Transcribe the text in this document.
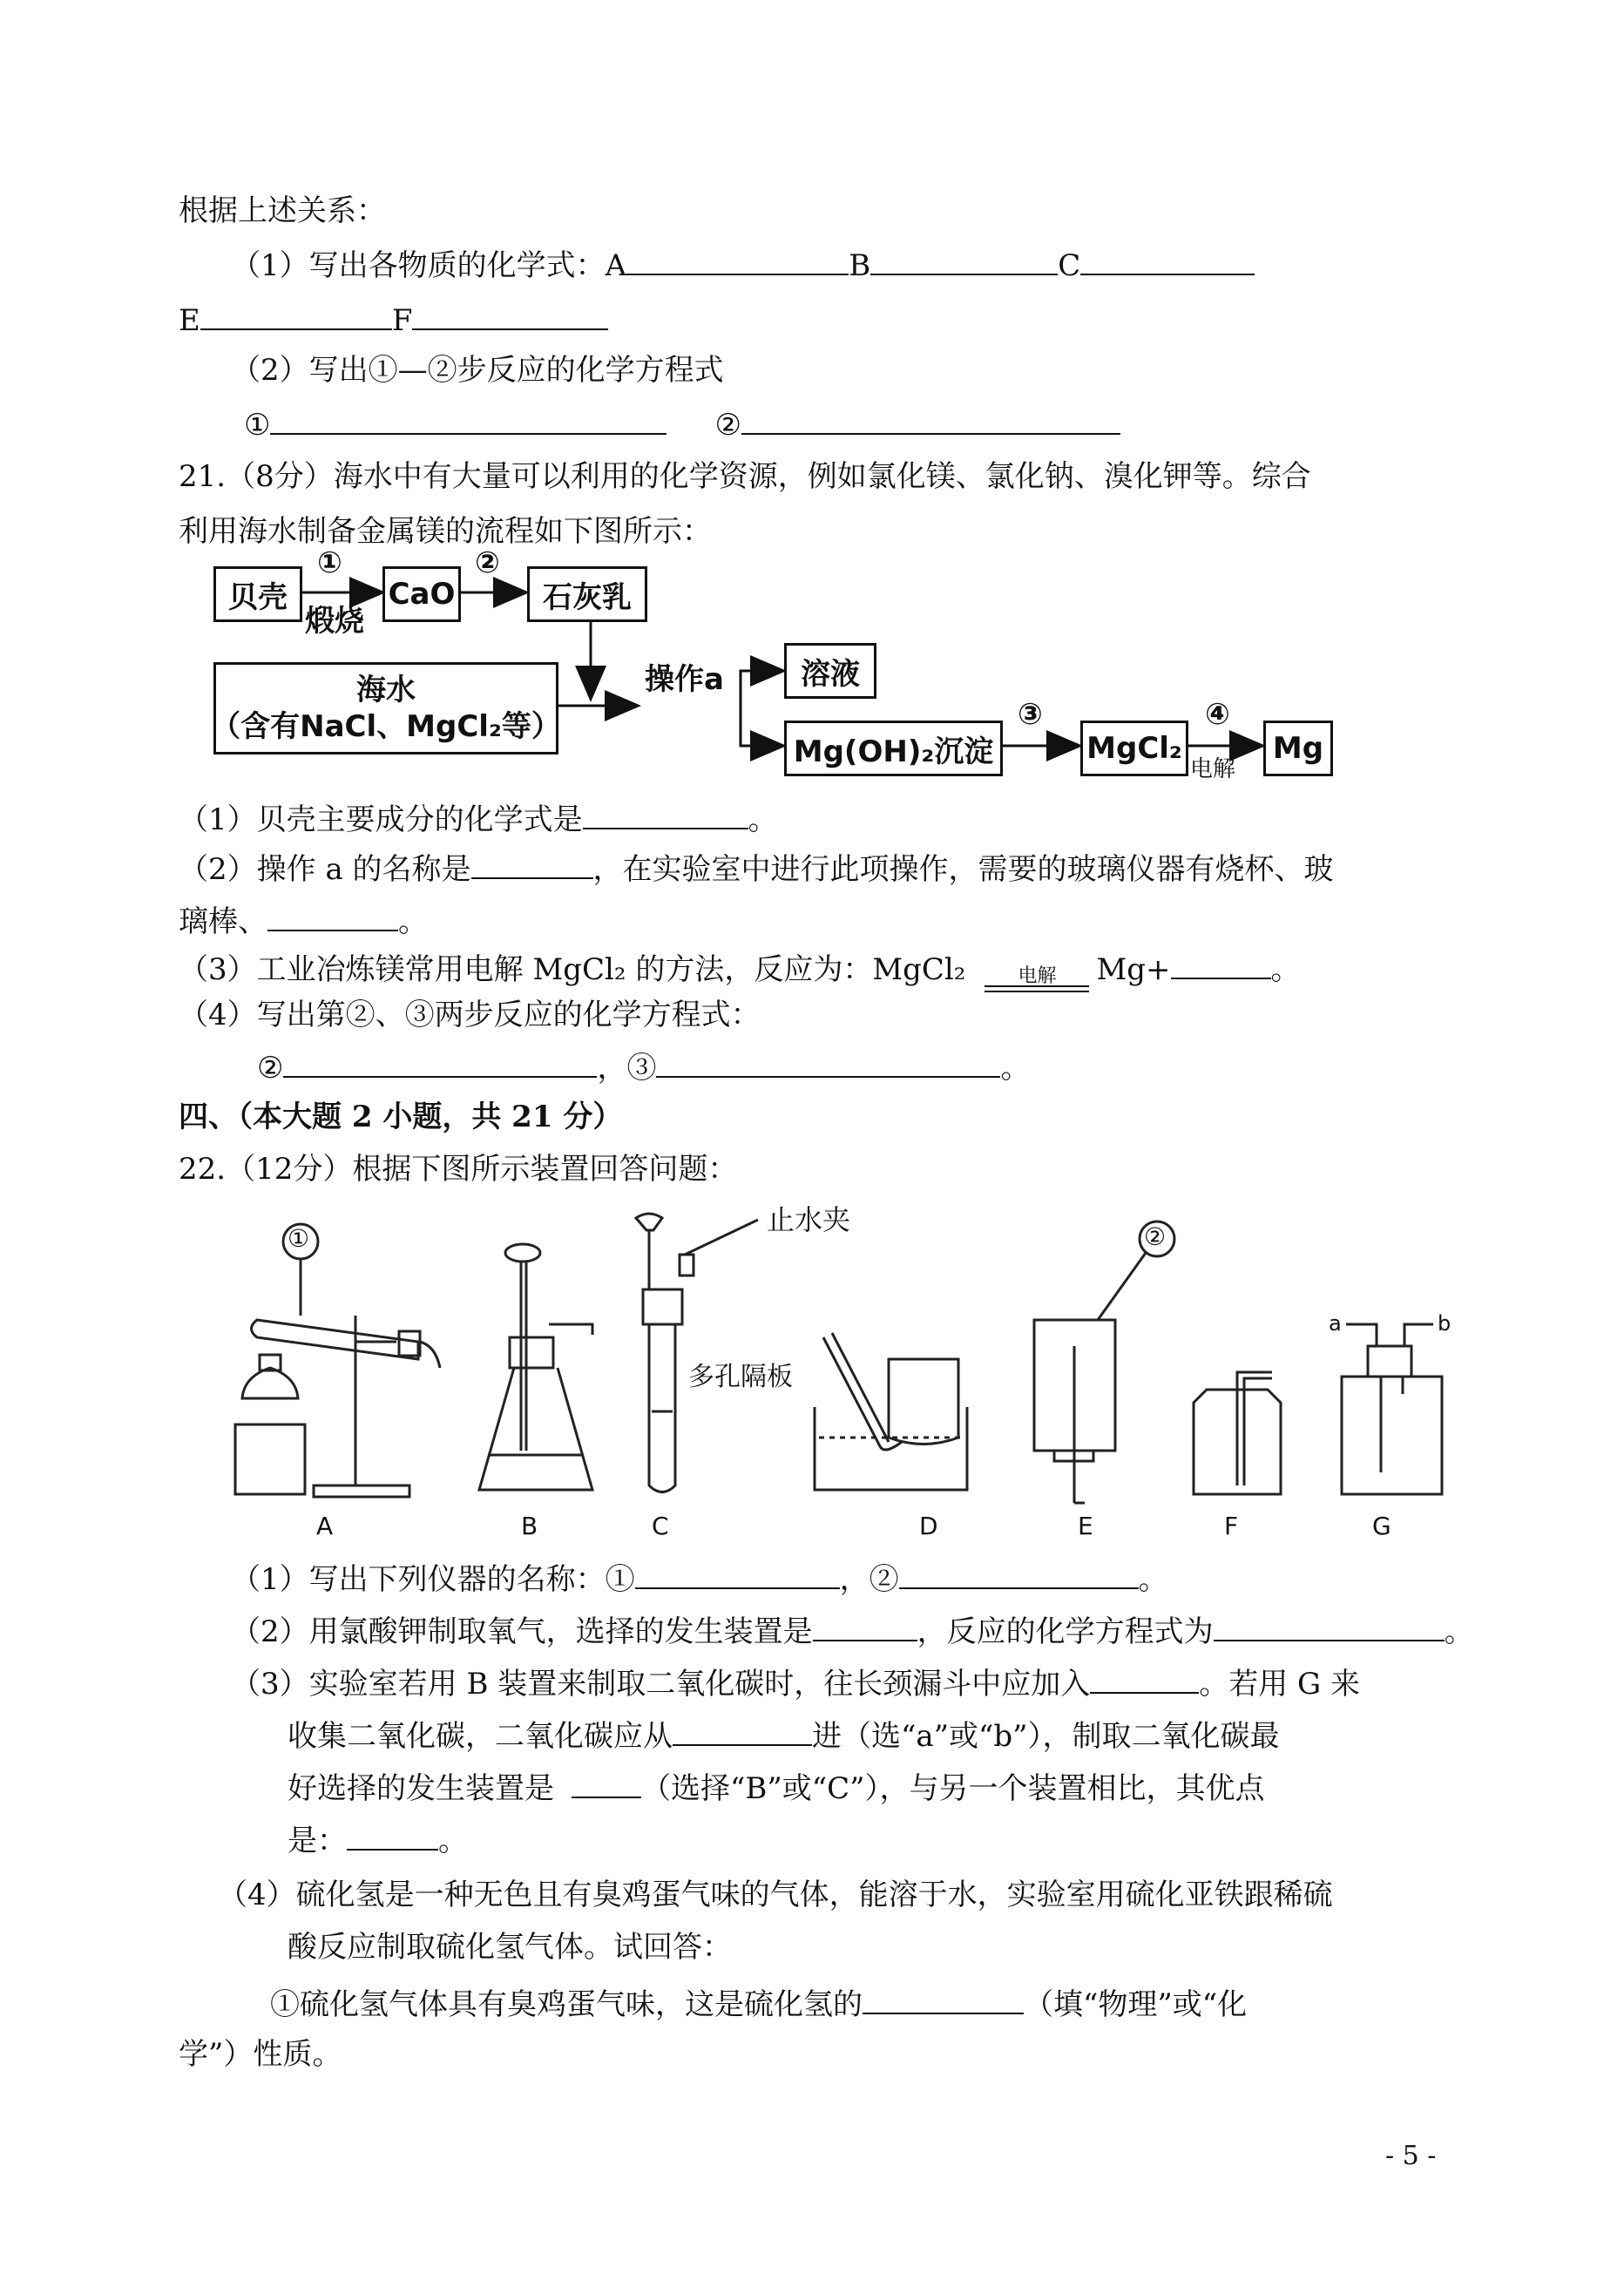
根据上述关系：
（1）写出各物质的化学式：A	B	C
E	F
（2）写出①—②步反应的化学方程式
①	②
21.（8分）海水中有大量可以利用的化学资源，例如氯化镁、氯化钠、溴化钾等。综合
利用海水制备金属镁的流程如下图所示：
贝壳
①
煅烧
CaO
②
石灰乳
海水
（含有NaCl、MgCl₂等）
操作a	溶液
Mg(OH)₂沉淀
③
MgCl₂
④
电解
Mg
（1）贝壳主要成分的化学式是	。
（2）操作 a 的名称是	，在实验室中进行此项操作，需要的玻璃仪器有烧杯、玻
璃棒、	。
（3）工业冶炼镁常用电解 MgCl₂ 的方法，反应为：MgCl₂	电解	Mg+	。
（4）写出第②、③两步反应的化学方程式：
②	，③	。
四、（本大题 2 小题，共 21 分）
22.（12分）根据下图所示装置回答问题：
①	②
止水夹
多孔隔板
a	b
A	B	C	D	E	F	G
（1）写出下列仪器的名称：①	，②	。
（2）用氯酸钾制取氧气，选择的发生装置是	，反应的化学方程式为	。
（3）实验室若用 B 装置来制取二氧化碳时，往长颈漏斗中应加入	。若用 G 来
收集二氧化碳，二氧化碳应从	进（选“a”或“b”），制取二氧化碳最
好选择的发生装置是	（选择“B”或“C”），与另一个装置相比，其优点
是：	。
（4）硫化氢是一种无色且有臭鸡蛋气味的气体，能溶于水，实验室用硫化亚铁跟稀硫
酸反应制取硫化氢气体。试回答：
①硫化氢气体具有臭鸡蛋气味，这是硫化氢的	（填“物理”或“化
学”）性质。
- 5 -
